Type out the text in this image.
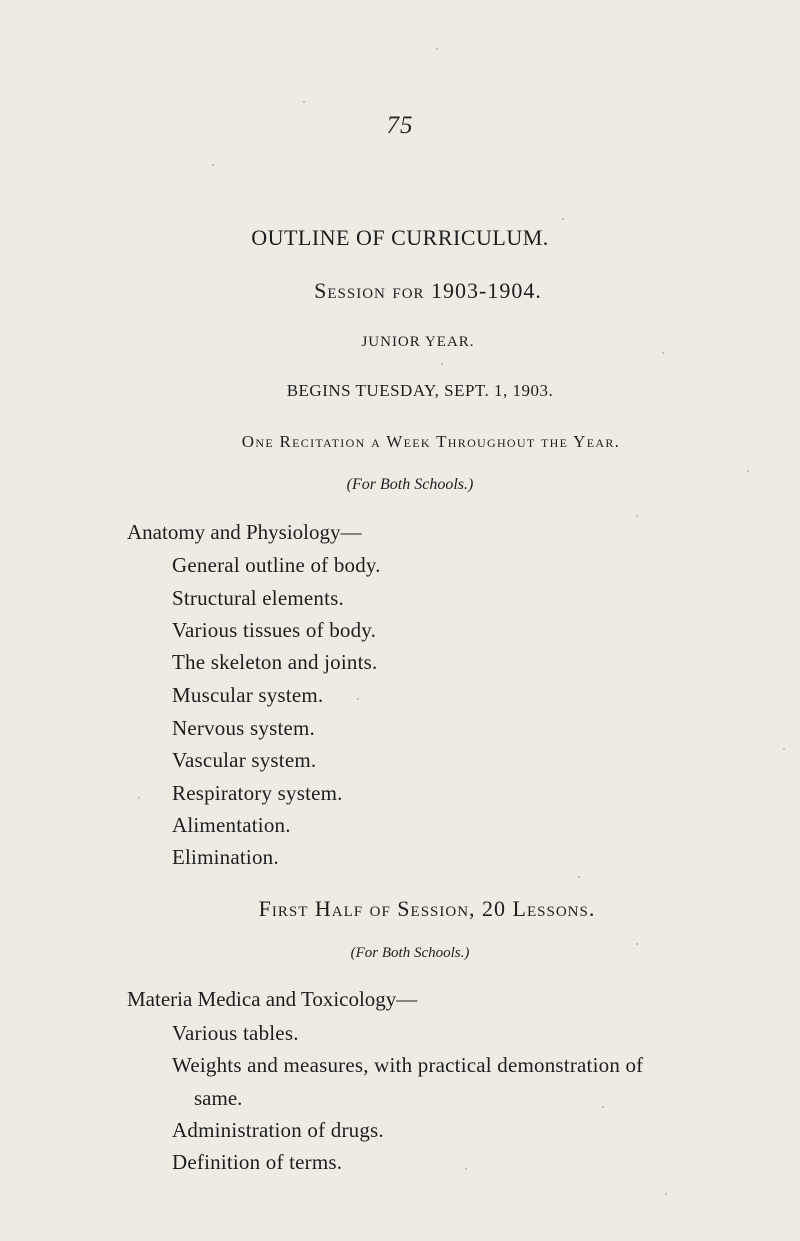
75
OUTLINE OF CURRICULUM.
Session for 1903-1904.
JUNIOR YEAR.
BEGINS TUESDAY, SEPT. 1, 1903.
One Recitation a Week Throughout the Year.
(For Both Schools.)
Anatomy and Physiology—
General outline of body.
Structural elements.
Various tissues of body.
The skeleton and joints.
Muscular system.
Nervous system.
Vascular system.
Respiratory system.
Alimentation.
Elimination.
First Half of Session, 20 Lessons.
(For Both Schools.)
Materia Medica and Toxicology—
Various tables.
Weights and measures, with practical demonstration of
same.
Administration of drugs.
Definition of terms.
